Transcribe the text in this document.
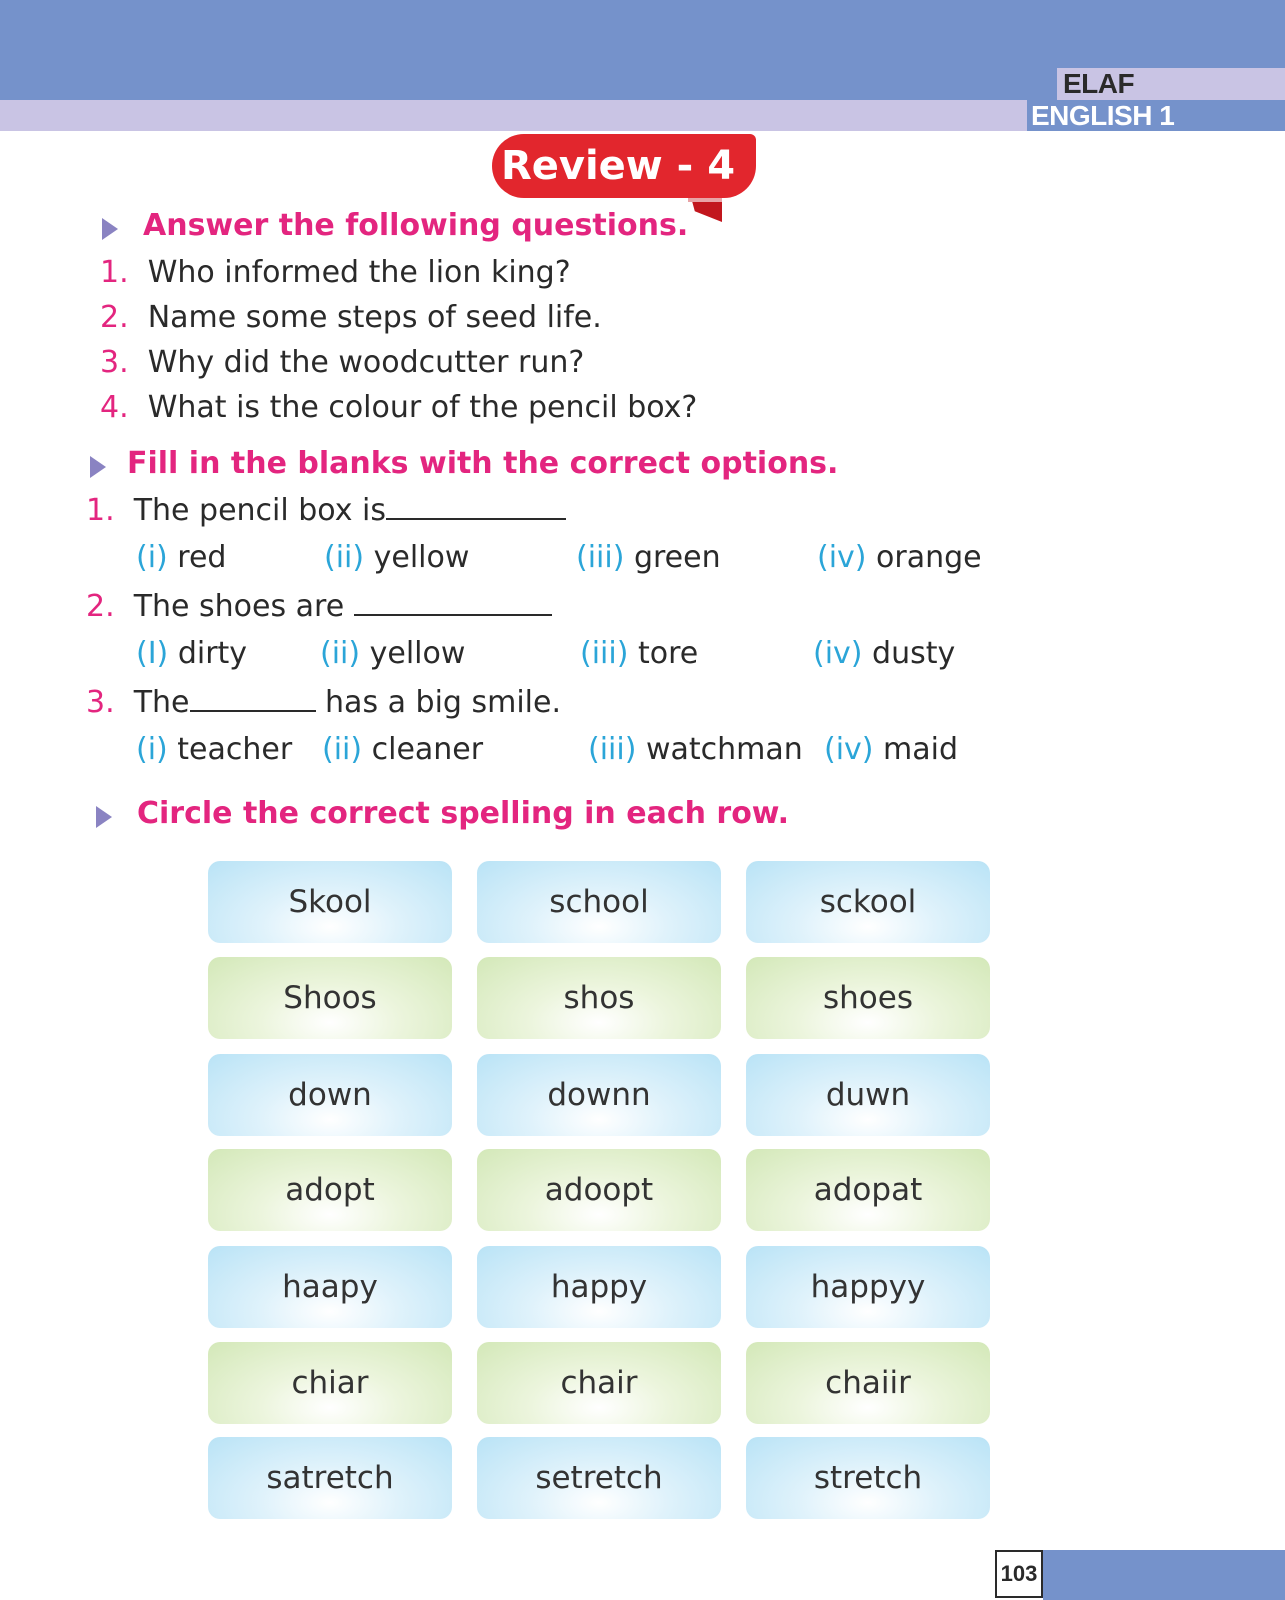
ELAF
ENGLISH 1
Review - 4
Answer the following questions.
1. Who informed the lion king?
2. Name some steps of seed life.
3. Why did the woodcutter run?
4. What is the colour of the pencil box?
Fill in the blanks with the correct options.
1. The pencil box is
(i) red	(ii) yellow	(iii) green	(iv) orange
2. The shoes are
(I) dirty (ii) yellow	(iii) tore	(iv) dusty
3. The	has a big smile.
(i) teacher (ii) cleaner	(iii) watchman (iv) maid
Circle the correct spelling in each row.
Skool	school	sckool
Shoos	shos	shoes
down	downn	duwn
adopt	adoopt	adopat
haapy	happy	happyy
chiar	chair	chaiir
satretch	setretch	stretch
103
